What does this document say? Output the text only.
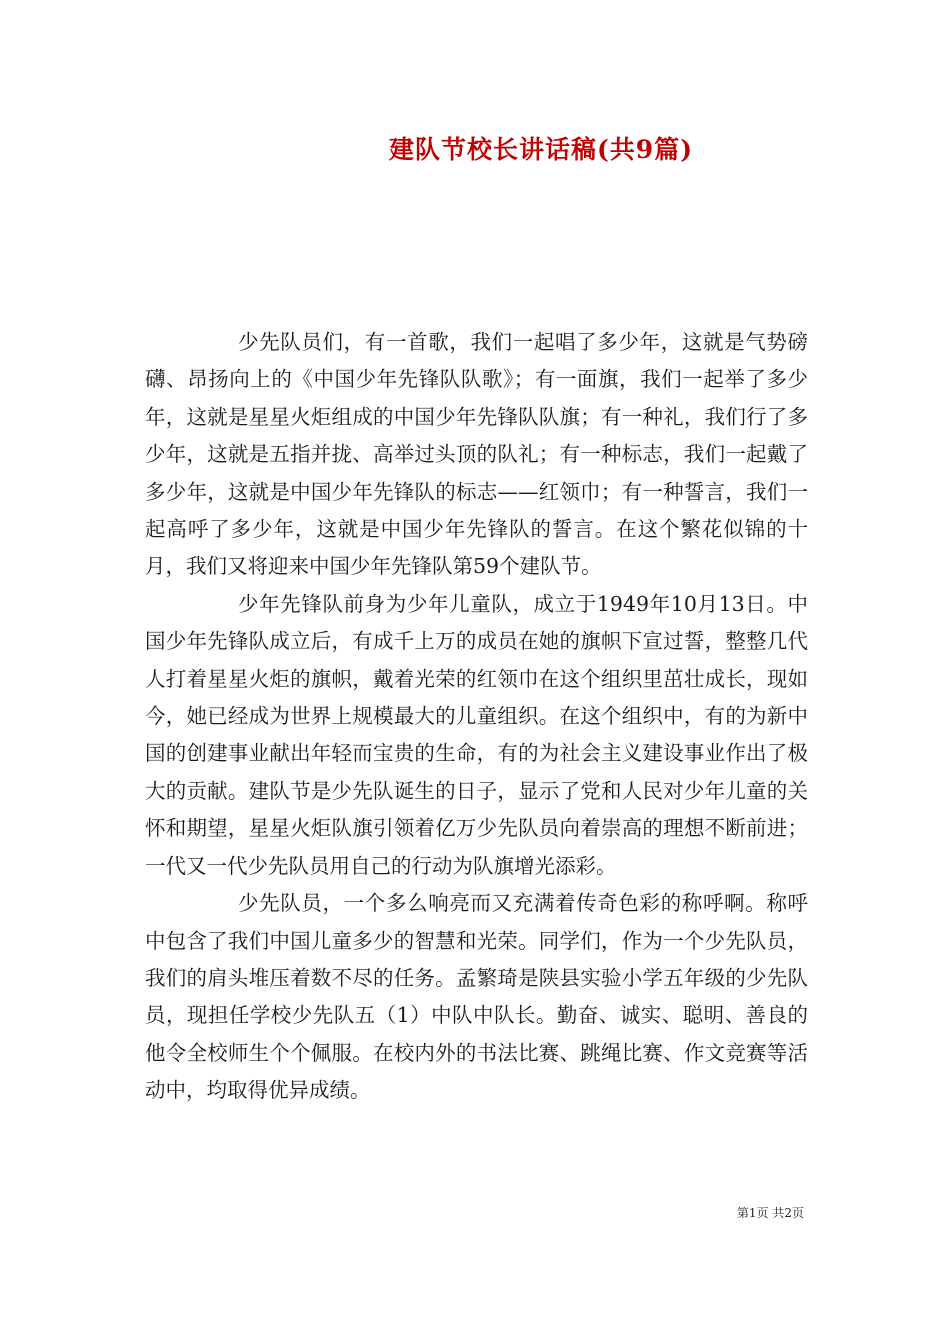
建队节校长讲话稿(共9篇)

少先队员们，有一首歌，我们一起唱了多少年，这就是气势磅礴、昂扬向上的《中国少年先锋队队歌》；有一面旗，我们一起举了多少年，这就是星星火炬组成的中国少年先锋队队旗；有一种礼，我们行了多少年，这就是五指并拢、高举过头顶的队礼；有一种标志，我们一起戴了多少年，这就是中国少年先锋队的标志——红领巾；有一种誓言，我们一起高呼了多少年，这就是中国少年先锋队的誓言。在这个繁花似锦的十月，我们又将迎来中国少年先锋队第59个建队节。

少年先锋队前身为少年儿童队，成立于1949年10月13日。中国少年先锋队成立后，有成千上万的成员在她的旗帜下宣过誓，整整几代人打着星星火炬的旗帜，戴着光荣的红领巾在这个组织里茁壮成长，现如今，她已经成为世界上规模最大的儿童组织。在这个组织中，有的为新中国的创建事业献出年轻而宝贵的生命，有的为社会主义建设事业作出了极大的贡献。建队节是少先队诞生的日子，显示了党和人民对少年儿童的关怀和期望，星星火炬队旗引领着亿万少先队员向着崇高的理想不断前进；一代又一代少先队员用自己的行动为队旗增光添彩。

少先队员，一个多么响亮而又充满着传奇色彩的称呼啊。称呼中包含了我们中国儿童多少的智慧和光荣。同学们，作为一个少先队员，我们的肩头堆压着数不尽的任务。孟繁琦是陕县实验小学五年级的少先队员，现担任学校少先队五（1）中队中队长。勤奋、诚实、聪明、善良的他令全校师生个个佩服。在校内外的书法比赛、跳绳比赛、作文竞赛等活动中，均取得优异成绩。

第1页 共2页
